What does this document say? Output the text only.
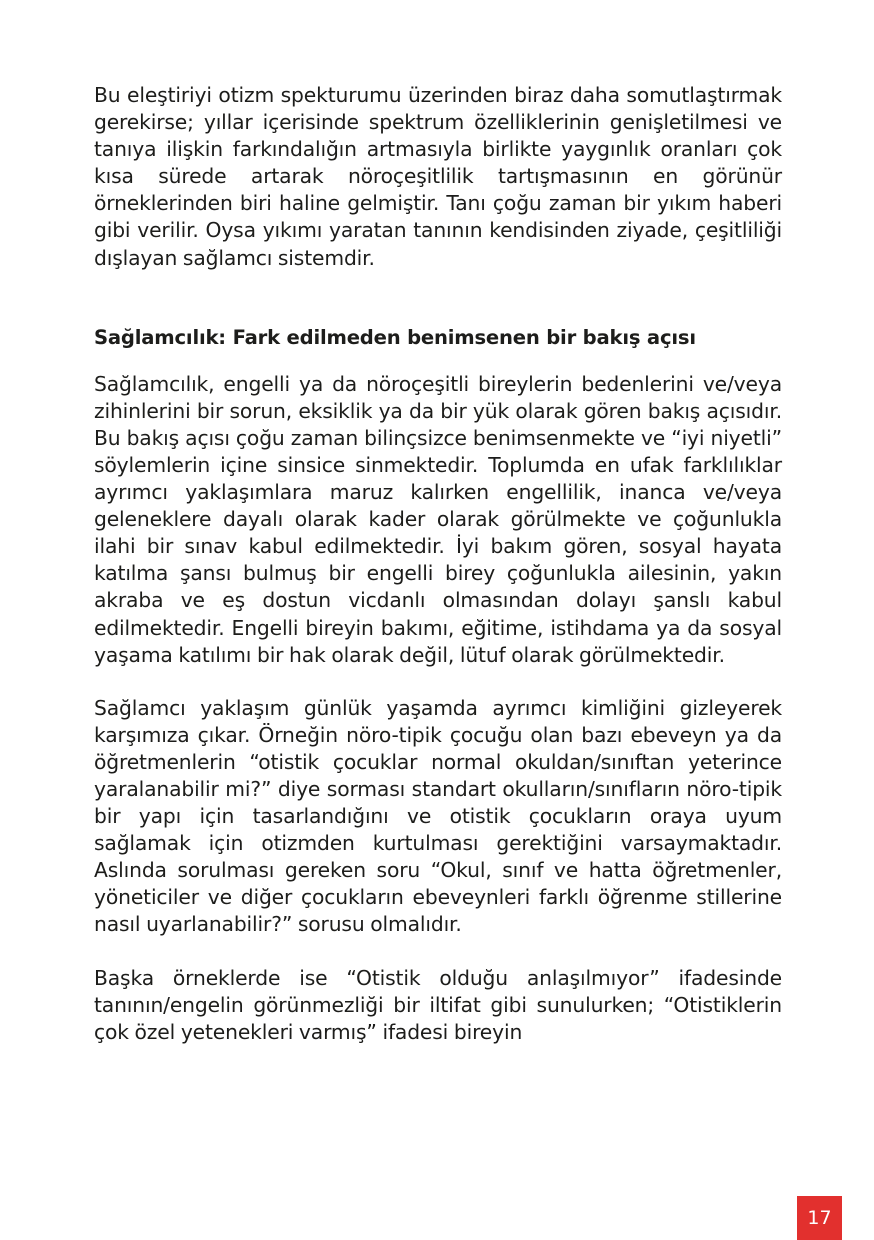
Bu eleştiriyi otizm spekturumu üzerinden biraz daha somutlaştırmak gerekirse; yıllar içerisinde spektrum özelliklerinin genişletilmesi ve tanıya ilişkin farkındalığın artmasıyla birlikte yaygınlık oranları çok kısa sürede artarak nöroçeşitlilik tartışmasının en görünür örneklerinden biri haline gelmiştir. Tanı çoğu zaman bir yıkım haberi gibi verilir. Oysa yıkımı yaratan tanının kendisinden ziyade, çeşitliliği dışlayan sağlamcı sistemdir.

Sağlamcılık: Fark edilmeden benimsenen bir bakış açısı

Sağlamcılık, engelli ya da nöroçeşitli bireylerin bedenlerini ve/veya zihinlerini bir sorun, eksiklik ya da bir yük olarak gören bakış açısıdır. Bu bakış açısı çoğu zaman bilinçsizce benimsenmekte ve “iyi niyetli” söylemlerin içine sinsice sinmektedir. Toplumda en ufak farklılıklar ayrımcı yaklaşımlara maruz kalırken engellilik, inanca ve/veya geleneklere dayalı olarak kader olarak görülmekte ve çoğunlukla ilahi bir sınav kabul edilmektedir. İyi bakım gören, sosyal hayata katılma şansı bulmuş bir engelli birey çoğunlukla ailesinin, yakın akraba ve eş dostun vicdanlı olmasından dolayı şanslı kabul edilmektedir. Engelli bireyin bakımı, eğitime, istihdama ya da sosyal yaşama katılımı bir hak olarak değil, lütuf olarak görülmektedir.

Sağlamcı yaklaşım günlük yaşamda ayrımcı kimliğini gizleyerek karşımıza çıkar. Örneğin nöro-tipik çocuğu olan bazı ebeveyn ya da öğretmenlerin “otistik çocuklar normal okuldan/sınıftan yeterince yaralanabilir mi?” diye sorması standart okulların/sınıfların nöro-tipik bir yapı için tasarlandığını ve otistik çocukların oraya uyum sağlamak için otizmden kurtulması gerektiğini varsaymaktadır. Aslında sorulması gereken soru “Okul, sınıf ve hatta öğretmenler, yöneticiler ve diğer çocukların ebeveynleri farklı öğrenme stillerine nasıl uyarlanabilir?” sorusu olmalıdır.

Başka örneklerde ise “Otistik olduğu anlaşılmıyor” ifadesinde tanının/engelin görünmezliği bir iltifat gibi sunulurken; “Otistiklerin çok özel yetenekleri varmış” ifadesi bireyin

17
